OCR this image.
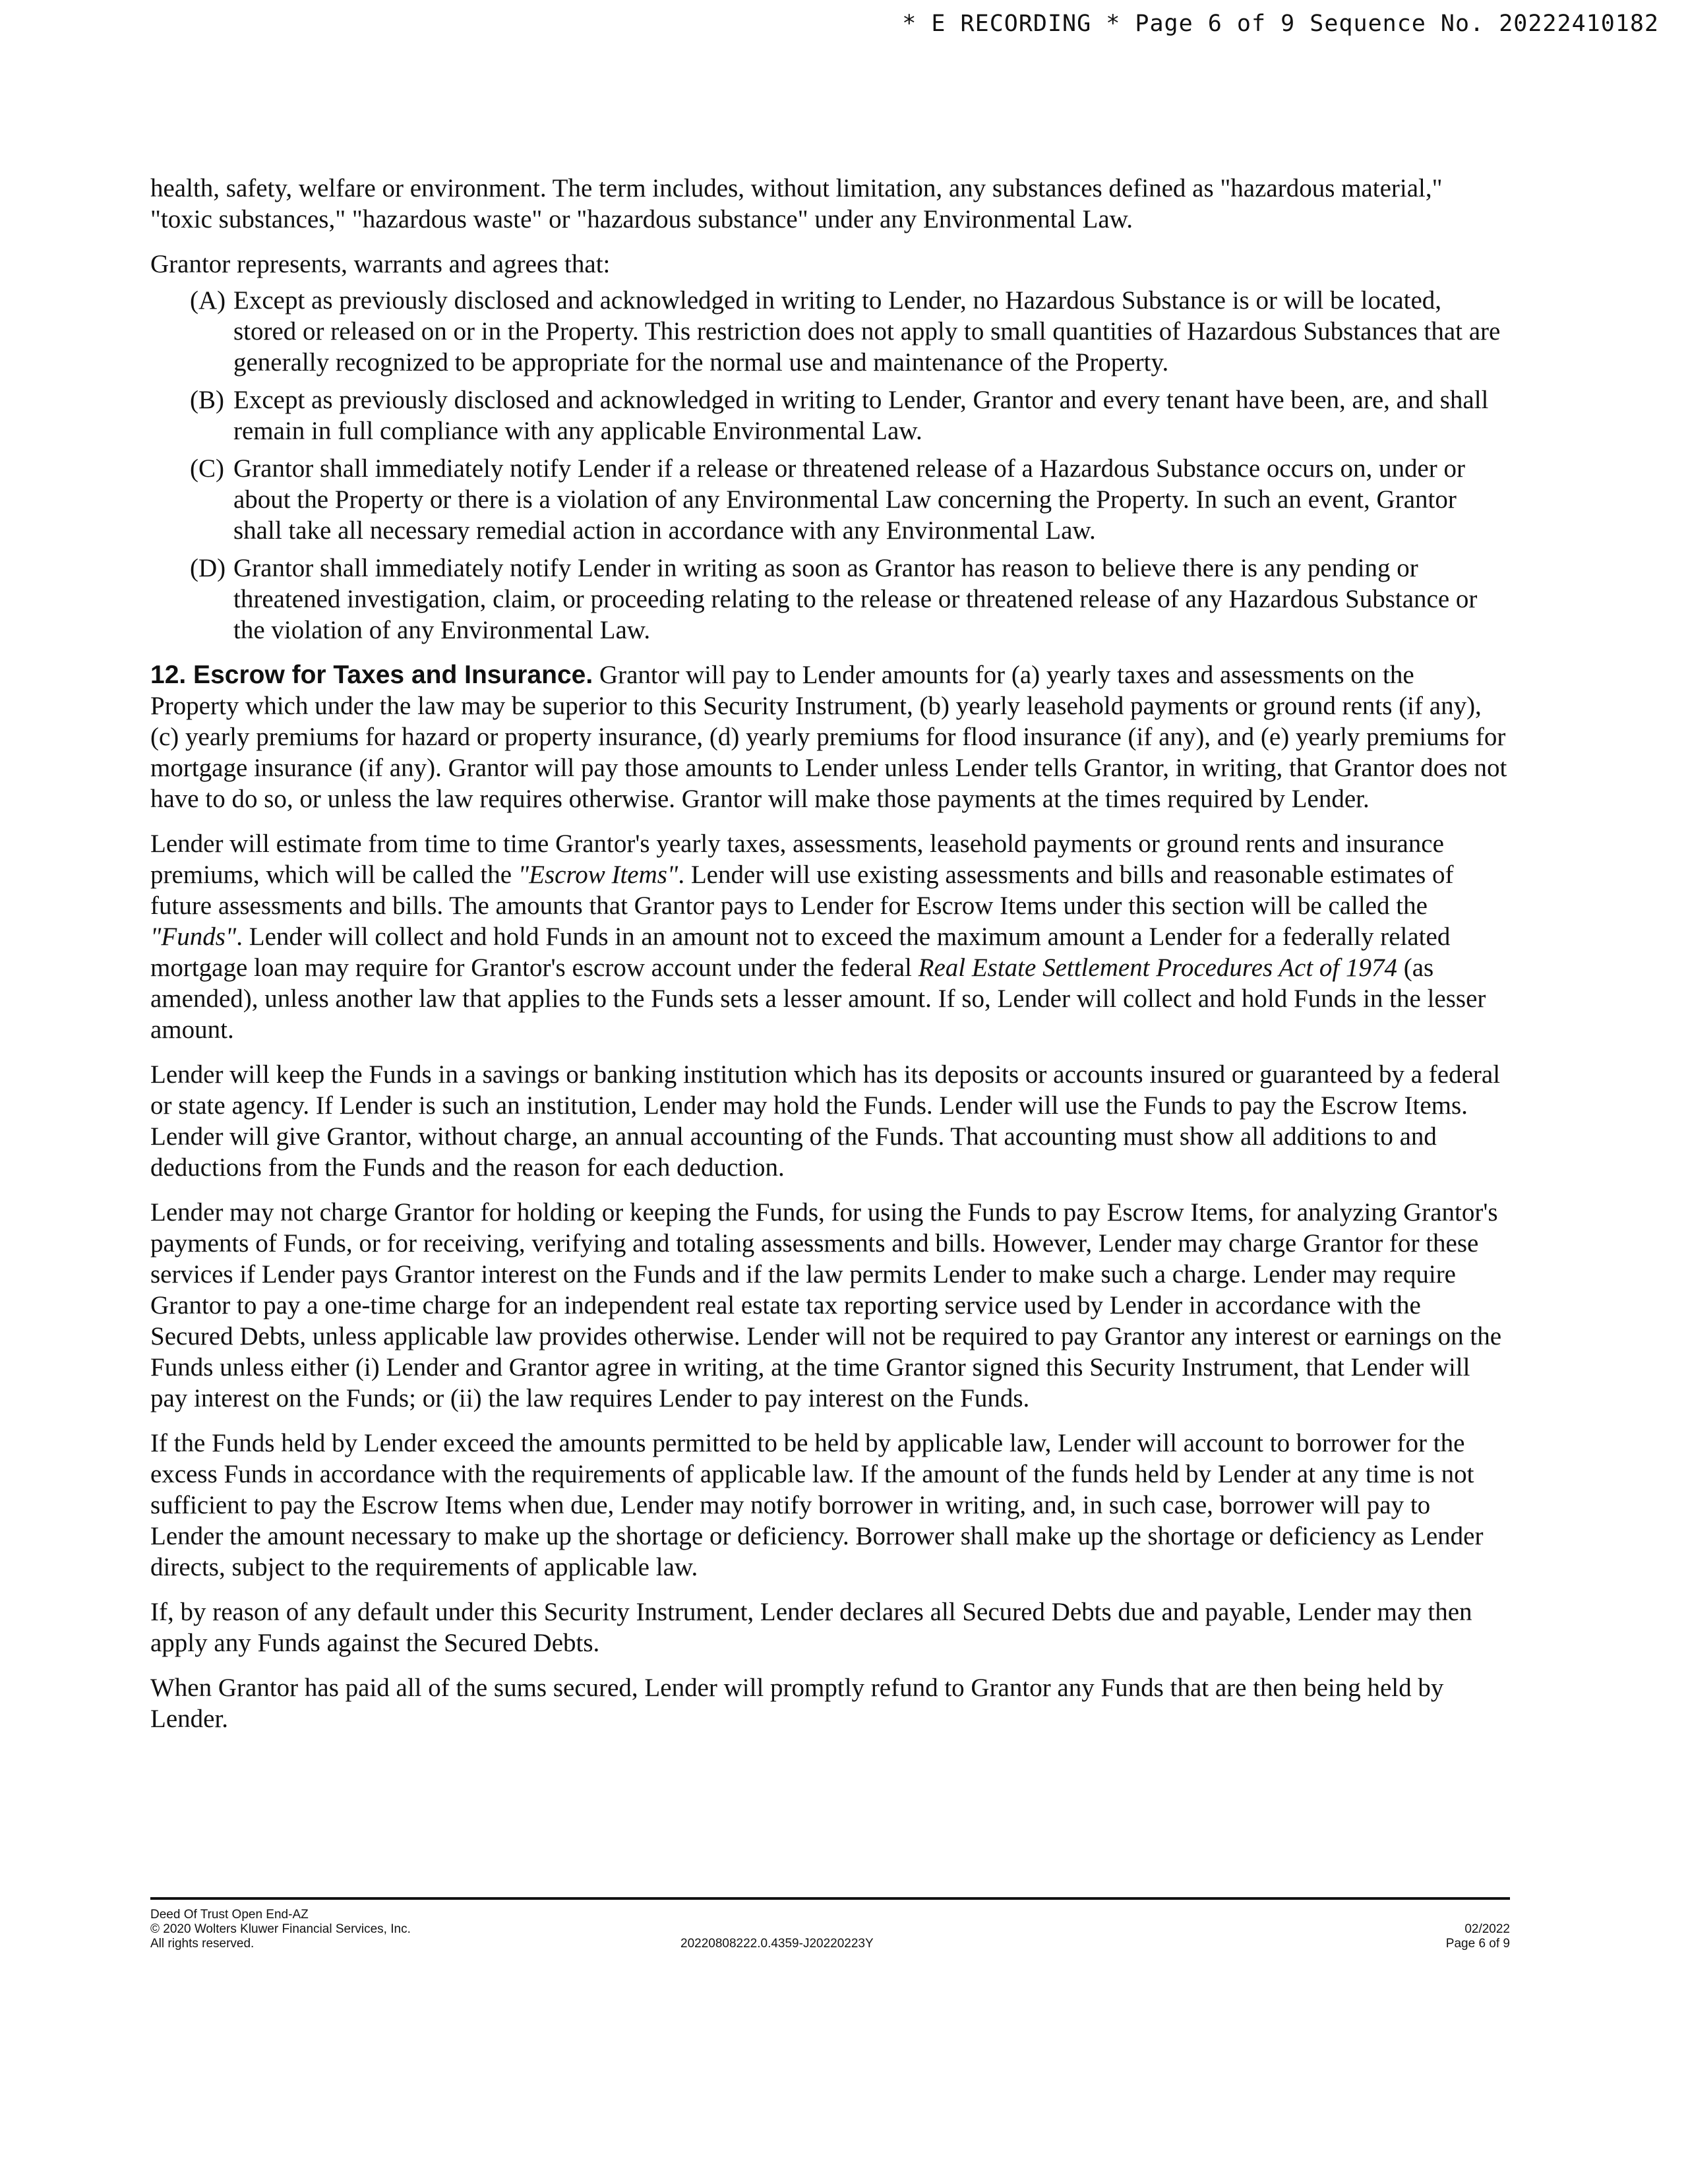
* E RECORDING * Page 6 of 9 Sequence No. 20222410182

health, safety, welfare or environment. The term includes, without limitation, any substances defined as "hazardous material," "toxic substances," "hazardous waste" or "hazardous substance" under any Environmental Law.

Grantor represents, warrants and agrees that:

(A) Except as previously disclosed and acknowledged in writing to Lender, no Hazardous Substance is or will be located, stored or released on or in the Property. This restriction does not apply to small quantities of Hazardous Substances that are generally recognized to be appropriate for the normal use and maintenance of the Property.
(B) Except as previously disclosed and acknowledged in writing to Lender, Grantor and every tenant have been, are, and shall remain in full compliance with any applicable Environmental Law.
(C) Grantor shall immediately notify Lender if a release or threatened release of a Hazardous Substance occurs on, under or about the Property or there is a violation of any Environmental Law concerning the Property. In such an event, Grantor shall take all necessary remedial action in accordance with any Environmental Law.
(D) Grantor shall immediately notify Lender in writing as soon as Grantor has reason to believe there is any pending or threatened investigation, claim, or proceeding relating to the release or threatened release of any Hazardous Substance or the violation of any Environmental Law.

12. Escrow for Taxes and Insurance. Grantor will pay to Lender amounts for (a) yearly taxes and assessments on the Property which under the law may be superior to this Security Instrument, (b) yearly leasehold payments or ground rents (if any), (c) yearly premiums for hazard or property insurance, (d) yearly premiums for flood insurance (if any), and (e) yearly premiums for mortgage insurance (if any). Grantor will pay those amounts to Lender unless Lender tells Grantor, in writing, that Grantor does not have to do so, or unless the law requires otherwise. Grantor will make those payments at the times required by Lender.

Lender will estimate from time to time Grantor's yearly taxes, assessments, leasehold payments or ground rents and insurance premiums, which will be called the "Escrow Items". Lender will use existing assessments and bills and reasonable estimates of future assessments and bills. The amounts that Grantor pays to Lender for Escrow Items under this section will be called the "Funds". Lender will collect and hold Funds in an amount not to exceed the maximum amount a Lender for a federally related mortgage loan may require for Grantor's escrow account under the federal Real Estate Settlement Procedures Act of 1974 (as amended), unless another law that applies to the Funds sets a lesser amount. If so, Lender will collect and hold Funds in the lesser amount.

Lender will keep the Funds in a savings or banking institution which has its deposits or accounts insured or guaranteed by a federal or state agency. If Lender is such an institution, Lender may hold the Funds. Lender will use the Funds to pay the Escrow Items. Lender will give Grantor, without charge, an annual accounting of the Funds. That accounting must show all additions to and deductions from the Funds and the reason for each deduction.

Lender may not charge Grantor for holding or keeping the Funds, for using the Funds to pay Escrow Items, for analyzing Grantor's payments of Funds, or for receiving, verifying and totaling assessments and bills. However, Lender may charge Grantor for these services if Lender pays Grantor interest on the Funds and if the law permits Lender to make such a charge. Lender may require Grantor to pay a one-time charge for an independent real estate tax reporting service used by Lender in accordance with the Secured Debts, unless applicable law provides otherwise. Lender will not be required to pay Grantor any interest or earnings on the Funds unless either (i) Lender and Grantor agree in writing, at the time Grantor signed this Security Instrument, that Lender will pay interest on the Funds; or (ii) the law requires Lender to pay interest on the Funds.

If the Funds held by Lender exceed the amounts permitted to be held by applicable law, Lender will account to borrower for the excess Funds in accordance with the requirements of applicable law. If the amount of the funds held by Lender at any time is not sufficient to pay the Escrow Items when due, Lender may notify borrower in writing, and, in such case, borrower will pay to Lender the amount necessary to make up the shortage or deficiency. Borrower shall make up the shortage or deficiency as Lender directs, subject to the requirements of applicable law.

If, by reason of any default under this Security Instrument, Lender declares all Secured Debts due and payable, Lender may then apply any Funds against the Secured Debts.

When Grantor has paid all of the sums secured, Lender will promptly refund to Grantor any Funds that are then being held by Lender.

Deed Of Trust Open End-AZ
© 2020 Wolters Kluwer Financial Services, Inc.
All rights reserved.	20220808222.0.4359-J20220223Y
02/2022
Page 6 of 9
